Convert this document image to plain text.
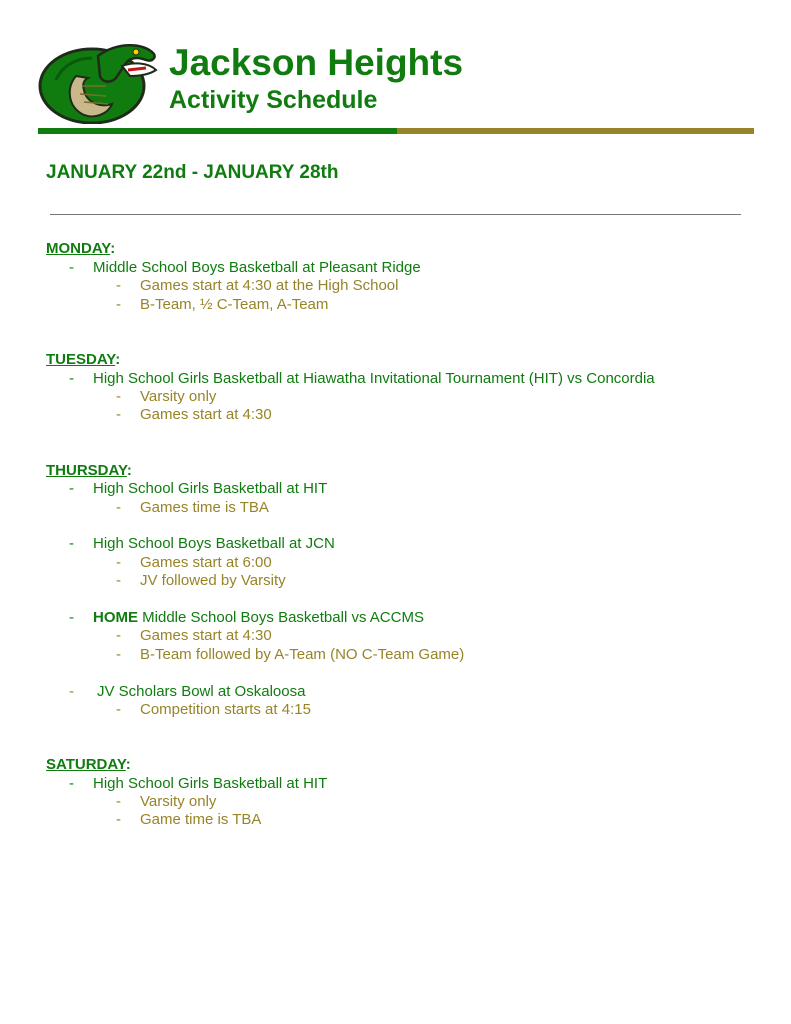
Jackson Heights
Activity Schedule
JANUARY 22nd - JANUARY 28th
MONDAY:
- Middle School Boys Basketball at Pleasant Ridge
- Games start at 4:30 at the High School
- B-Team, ½ C-Team, A-Team
TUESDAY:
- High School Girls Basketball at Hiawatha Invitational Tournament (HIT) vs Concordia
- Varsity only
- Games start at 4:30
THURSDAY:
- High School Girls Basketball at HIT
- Games time is TBA
- High School Boys Basketball at JCN
- Games start at 6:00
- JV followed by Varsity
- HOME Middle School Boys Basketball vs ACCMS
- Games start at 4:30
- B-Team followed by A-Team (NO C-Team Game)
- JV Scholars Bowl at Oskaloosa
- Competition starts at 4:15
SATURDAY:
- High School Girls Basketball at HIT
- Varsity only
- Game time is TBA
